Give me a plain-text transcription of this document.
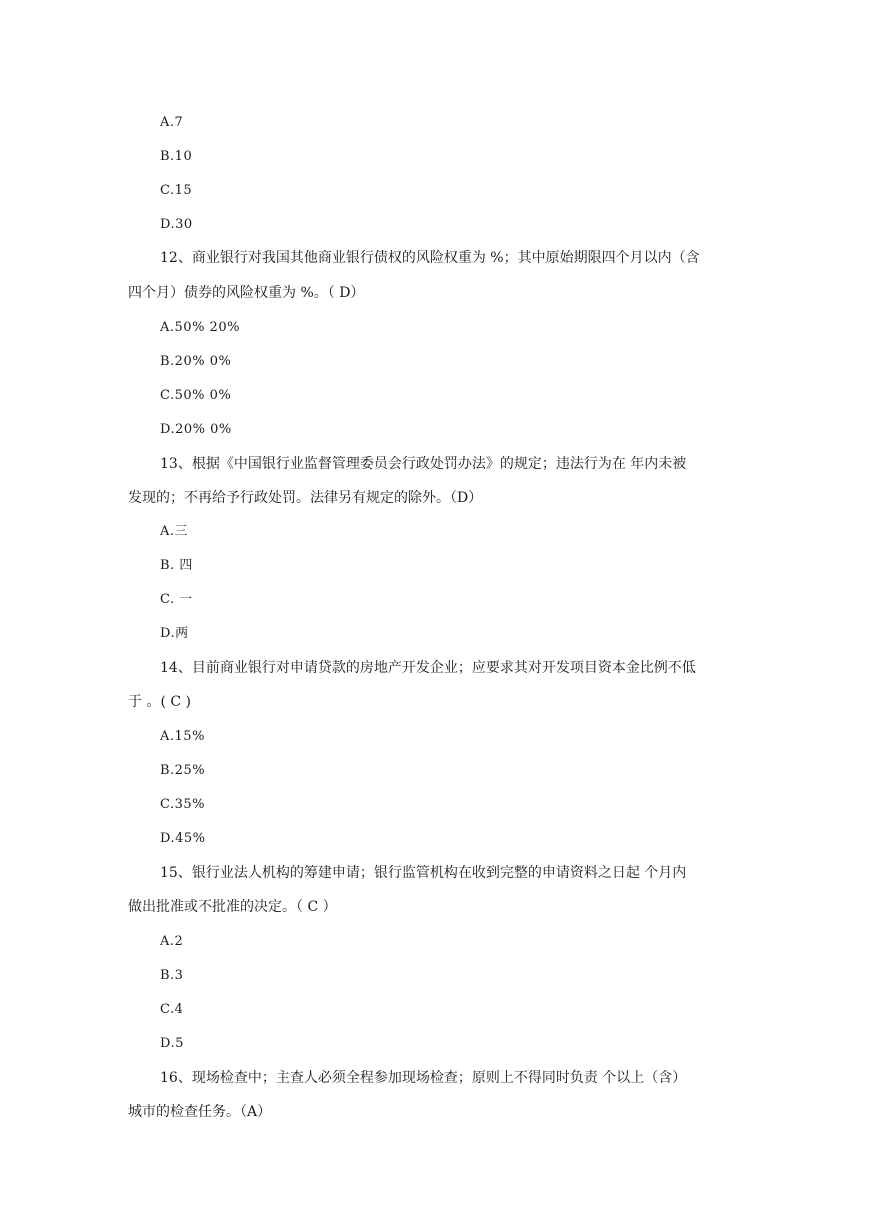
A.7
B.10
C.15
D.30
12、商业银行对我国其他商业银行债权的风险权重为 %；其中原始期限四个月以内（含
四个月）债券的风险权重为 %。（ D）
A.50% 20%
B.20% 0%
C.50% 0%
D.20% 0%
13、根据《中国银行业监督管理委员会行政处罚办法》的规定；违法行为在 年内未被
发现的；不再给予行政处罚。法律另有规定的除外。（D）
A.三
B. 四
C. 一
D.两
14、目前商业银行对申请贷款的房地产开发企业；应要求其对开发项目资本金比例不低
于 。( C )
A.15%
B.25%
C.35%
D.45%
15、银行业法人机构的筹建申请；银行监管机构在收到完整的申请资料之日起 个月内
做出批准或不批准的决定。（ C ）
A.2
B.3
C.4
D.5
16、现场检查中；主查人必须全程参加现场检查；原则上不得同时负责 个以上（含）
城市的检查任务。（A）
